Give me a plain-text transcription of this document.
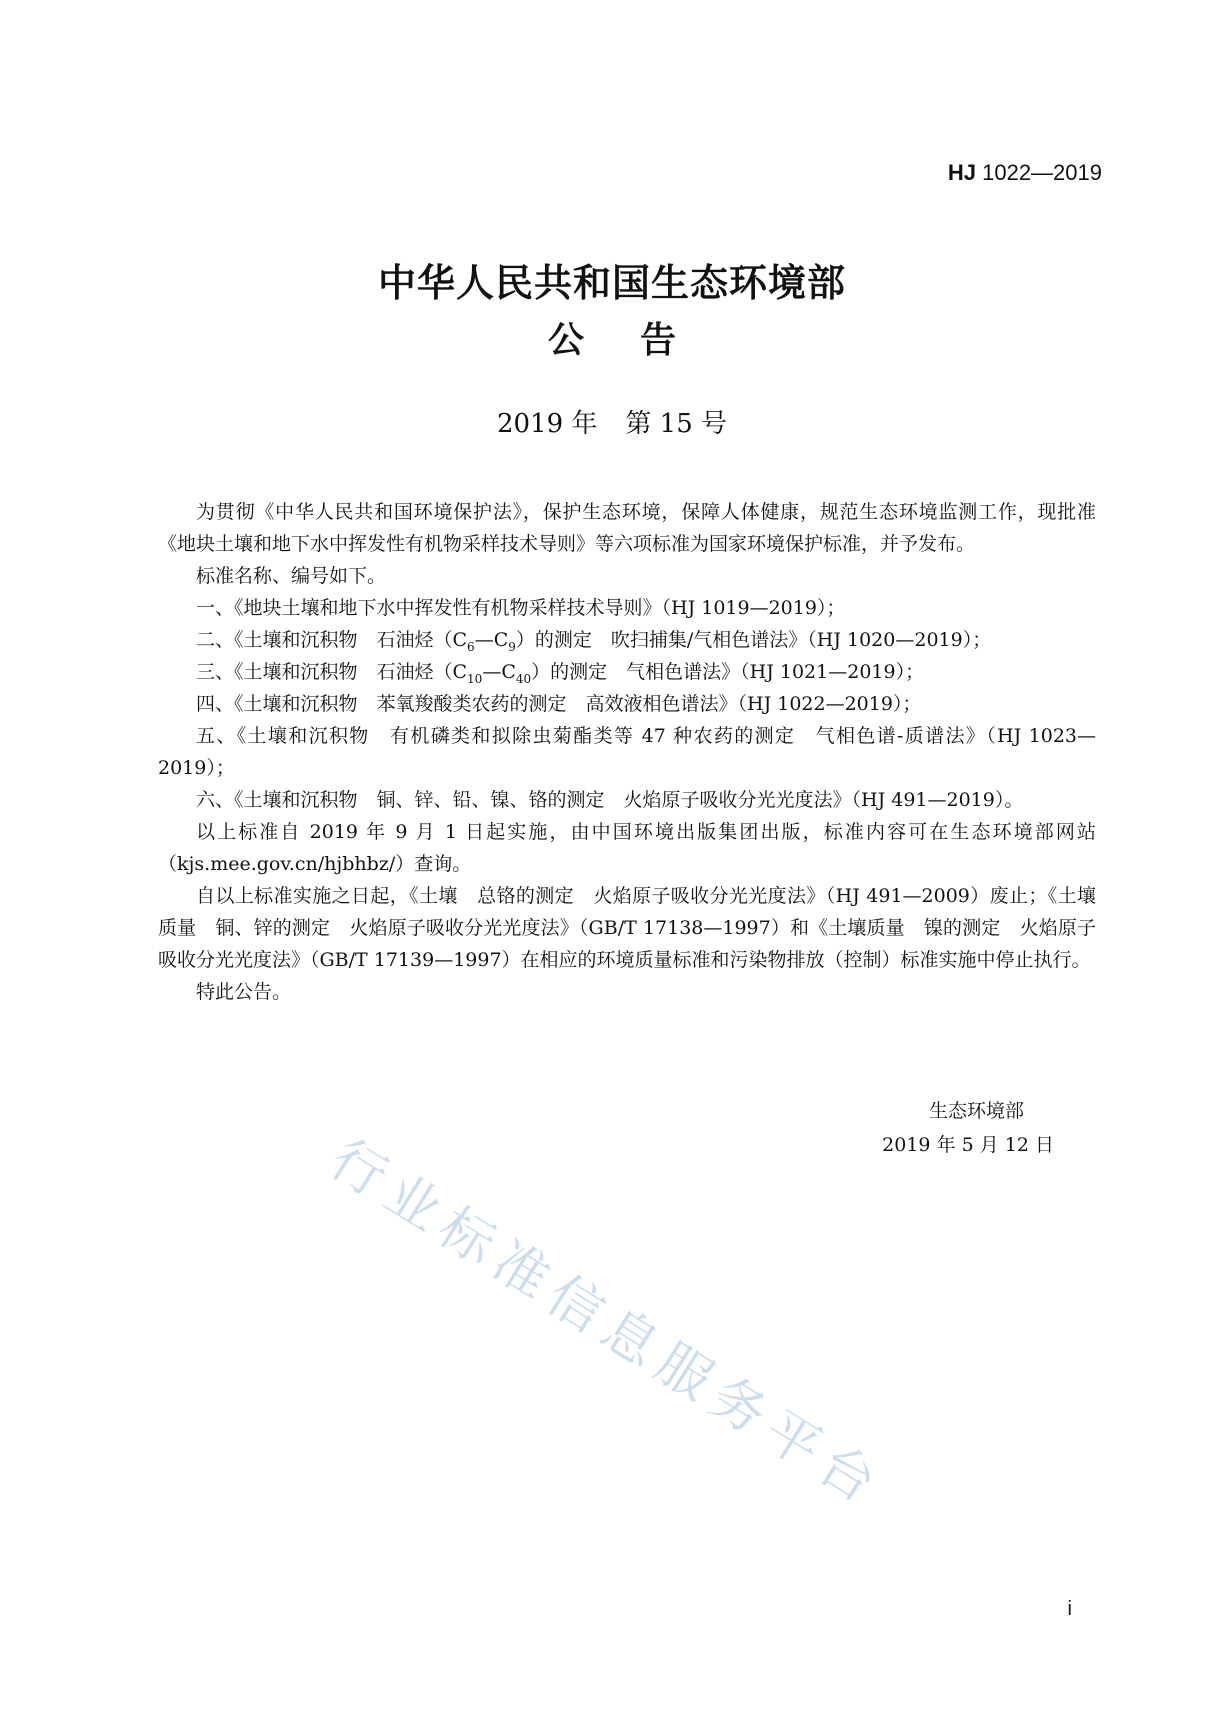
HJ 1022—2019
中华人民共和国生态环境部
公 告
2019 年 第 15 号

为贯彻《中华人民共和国环境保护法》，保护生态环境，保障人体健康，规范生态环境监测工作，现批准《地块土壤和地下水中挥发性有机物采样技术导则》等六项标准为国家环境保护标准，并予发布。

标准名称、编号如下。

一、《地块土壤和地下水中挥发性有机物采样技术导则》（HJ 1019—2019）；

二、《土壤和沉积物　石油烃$(C_6—C_9)$的测定　吹扫捕集/气相色谱法》（HJ 1020—2019）；

三、《土壤和沉积物　石油烃$(C_{10}—C_{40})$的测定　气相色谱法》（HJ 1021—2019）；

四、《土壤和沉积物　苯氧羧酸类农药的测定　高效液相色谱法》（HJ 1022—2019）；

五、《土壤和沉积物　有机磷类和拟除虫菊酯类等 47 种农药的测定　气相色谱-质谱法》（HJ 1023—2019）；

六、《土壤和沉积物　铜、锌、铅、镍、铬的测定　火焰原子吸收分光光度法》（HJ 491—2019）。

以上标准自 2019 年 9 月 1 日起实施，由中国环境出版集团出版，标准内容可在生态环境部网站（kjs.mee.gov.cn/hjbhbz/）查询。

自以上标准实施之日起，《土壤　总铬的测定　火焰原子吸收分光光度法》（HJ 491—2009）废止；《土壤质量　铜、锌的测定　火焰原子吸收分光光度法》（GB/T 17138—1997）和《土壤质量　镍的测定　火焰原子吸收分光光度法》（GB/T 17139—1997）在相应的环境质量标准和污染物排放（控制）标准实施中停止执行。

特此公告。

生态环境部
2019 年 5 月 12 日
行业标准信息服务平台
i
